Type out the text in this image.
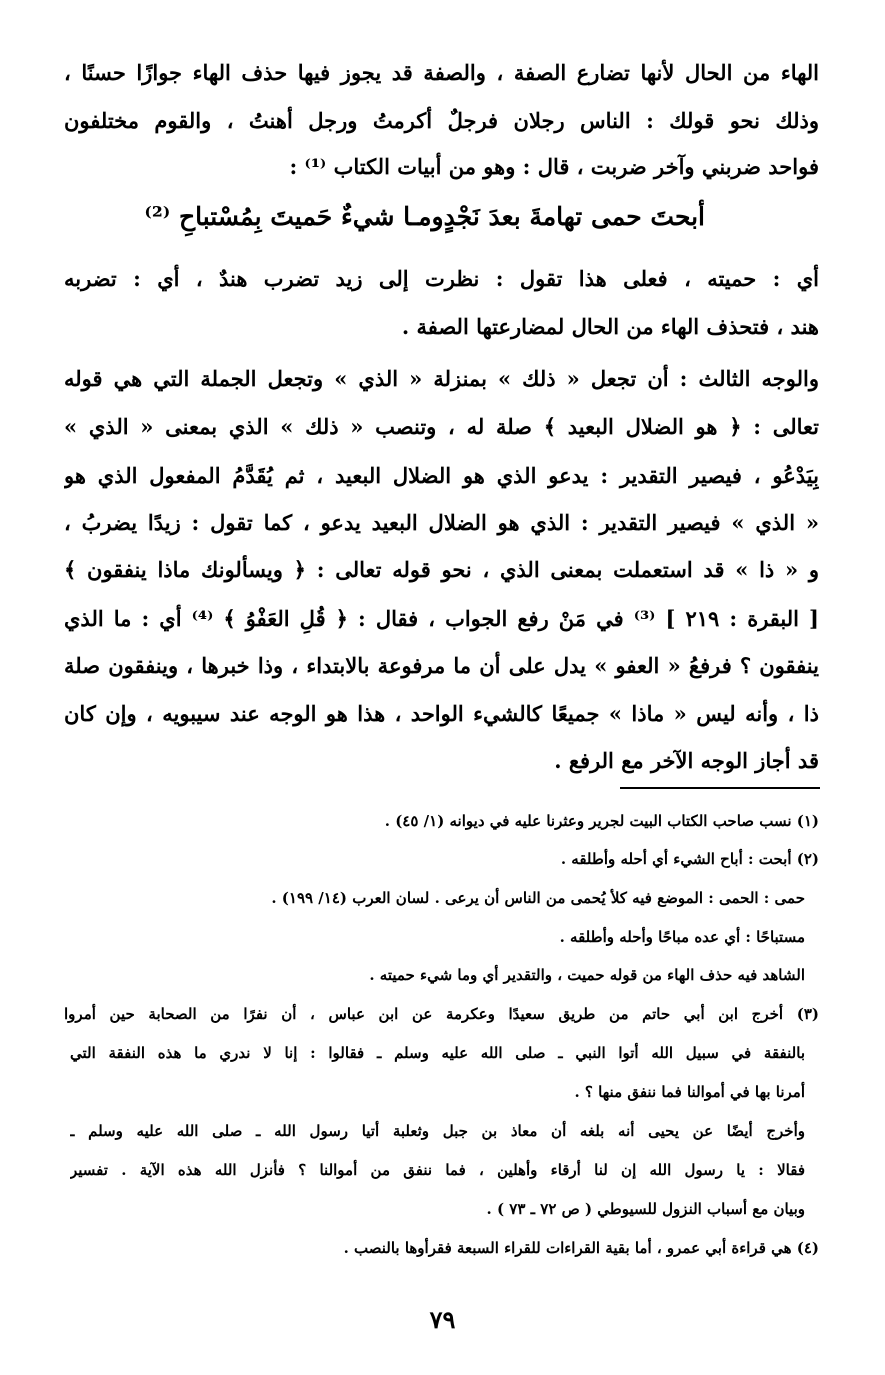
الهاء من الحال لأنها تضارع الصفة ، والصفة قد يجوز فيها حذف الهاء جوازًا حسنًا ،
وذلك نحو قولك : الناس رجلان فرجلٌ أكرمتُ ورجل أهنتُ ، والقوم مختلفون
فواحد ضربني وآخر ضربت ، قال : وهو من أبيات الكتاب ⁽¹⁾ :
أبحتَ حمى تهامةَ بعدَ نَجْدٍ
ومـا شيءٌ حَميتَ بِمُسْتباحِ ⁽²⁾
أي : حميته ، فعلى هذا تقول : نظرت إلى زيد تضرب هندٌ ، أي : تضربه
هند ، فتحذف الهاء من الحال لمضارعتها الصفة .
والوجه الثالث : أن تجعل « ذلك » بمنزلة « الذي » وتجعل الجملة التي هي قوله
تعالى : ﴿ هو الضلال البعيد ﴾ صلة له ، وتنصب « ذلك » الذي بمعنى « الذي »
بِيَدْعُو ، فيصير التقدير : يدعو الذي هو الضلال البعيد ، ثم يُقَدَّمُ المفعول الذي هو
« الذي » فيصير التقدير : الذي هو الضلال البعيد يدعو ، كما تقول : زيدًا يضربُ ،
و « ذا » قد استعملت بمعنى الذي ، نحو قوله تعالى : ﴿ ويسألونك ماذا ينفقون ﴾
[ البقرة : ٢١٩ ] ⁽³⁾ في مَنْ رفع الجواب ، فقال : ﴿ قُلِ العَفْوُ ﴾ ⁽⁴⁾ أي : ما الذي
ينفقون ؟ فرفعُ « العفو » يدل على أن ما مرفوعة بالابتداء ، وذا خبرها ، وينفقون صلة
ذا ، وأنه ليس « ماذا » جميعًا كالشيء الواحد ، هذا هو الوجه عند سيبويه ، وإن كان
قد أجاز الوجه الآخر مع الرفع .
(١) نسب صاحب الكتاب البيت لجرير وعثرنا عليه في ديوانه (١/ ٤٥) .
(٢) أبحت : أباح الشيء أي أحله وأطلقه .
حمى : الحمى : الموضع فيه كلأ يُحمى من الناس أن يرعى . لسان العرب (١٤/ ١٩٩) .
مستباحًا : أي عده مباحًا وأحله وأطلقه .
الشاهد فيه حذف الهاء من قوله حميت ، والتقدير أي وما شيء حميته .
(٣) أخرج ابن أبي حاتم من طريق سعيدًا وعكرمة عن ابن عباس ، أن نفرًا من الصحابة حين أمروا
بالنفقة في سبيل الله أتوا النبي ـ صلى الله عليه وسلم ـ فقالوا : إنا لا ندري ما هذه النفقة التي
أمرنا بها في أموالنا فما ننفق منها ؟ .
وأخرج أيضًا عن يحيى أنه بلغه أن معاذ بن جبل وثعلبة أتيا رسول الله ـ صلى الله عليه وسلم ـ
فقالا : يا رسول الله إن لنا أرقاء وأهلين ، فما ننفق من أموالنا ؟ فأنزل الله هذه الآية . تفسير
وبيان مع أسباب النزول للسيوطي ( ص ٧٢ ـ ٧٣ ) .
(٤) هي قراءة أبي عمرو ، أما بقية القراءات للقراء السبعة فقرأوها بالنصب .
٧٩
